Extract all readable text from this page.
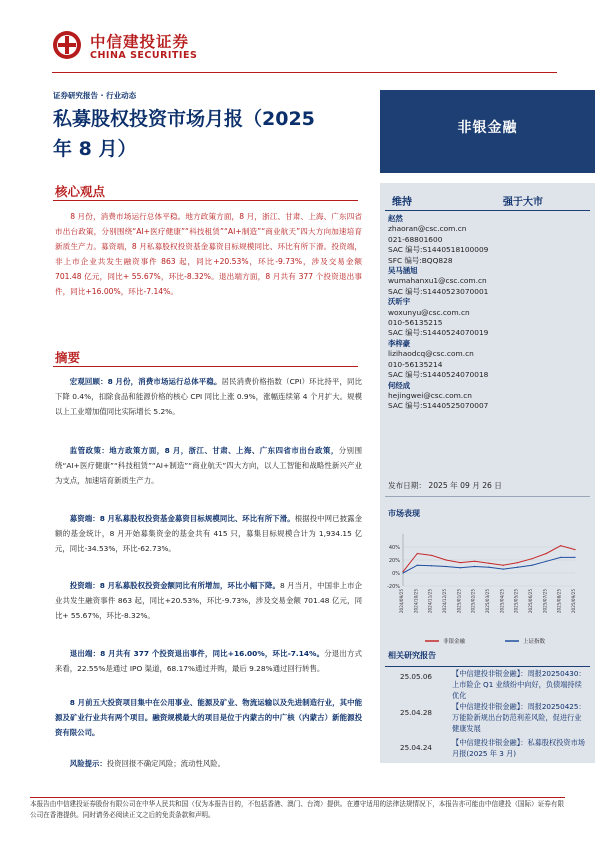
中信建投证券
CHINA SECURITIES
证券研究报告 · 行业动态
私募股权投资市场月报（2025
年 8 月）
非银金融
核心观点
8 月份，消费市场运行总体平稳。地方政策方面，8 月，浙江、甘肃、上海、广东四省市出台政策，分别围绕“AI+医疗健康”“科技租赁”“AI+制造”“商业航天”四大方向加速培育新质生产力。募资端，8 月私募股权投资基金募资目标规模同比、环比有所下滑。投资端，非上市企业共发生融资事件 863 起，同比+20.53%，环比-9.73%，涉及交易金额 701.48 亿元，同比+ 55.67%，环比-8.32%。退出端方面，8 月共有 377 个投资退出事件，同比+16.00%，环比-7.14%。
摘要
宏观回顾：8 月份，消费市场运行总体平稳。居民消费价格指数（CPI）环比持平，同比下降 0.4%，扣除食品和能源价格的核心 CPI 同比上涨 0.9%，涨幅连续第 4 个月扩大。规模以上工业增加值同比实际增长 5.2%。
监管政策：地方政策方面，8 月，浙江、甘肃、上海、广东四省市出台政策，分别围绕“AI+医疗健康”“科技租赁”“AI+制造”“商业航天”四大方向，以人工智能和战略性新兴产业为支点，加速培育新质生产力。
募资端：8 月私募股权投资基金募资目标规模同比、环比有所下滑。根据投中网已披露金额的基金统计，8 月开始募集资金的基金共有 415 只，募集目标规模合计为 1,934.15 亿元，同比-34.53%，环比-62.73%。
投资端：8 月私募股权投资金额同比有所增加，环比小幅下降。8 月当月，中国非上市企业共发生融资事件 863 起，同比+20.53%，环比-9.73%，涉及交易金额 701.48 亿元，同比+ 55.67%，环比-8.32%。
退出端：8 月共有 377 个投资退出事件，同比+16.00%，环比-7.14%。分退出方式来看，22.55%是通过 IPO 渠道，68.17%通过并购，最后 9.28%通过回行转售。
8 月前五大投资项目集中在公用事业、能源及矿业、物流运输以及先进制造行业，其中能源及矿业行业共有两个项目。融资规模最大的项目是位于内蒙古的中广核（内蒙古）新能源投资有限公司。
风险提示：投资回报不确定风险；流动性风险。
维持	强于大市
赵然
zhaoran@csc.com.cn
021-68801600
SAC 编号:S1440518100009
SFC 编号:BQQ828
吴马涵旭
wumahanxu1@csc.com.cn
SAC 编号:S1440523070001
沃昕宇
woxunyu@csc.com.cn
010-56135215
SAC 编号:S1440524070019
李梓豪
lizihaodcq@csc.com.cn
010-56135214
SAC 编号:S1440524070018
何经成
hejingwei@csc.com.cn
SAC 编号:S1440525070007
发布日期： 2025 年 09 月 26 日
市场表现
40%
20%
0%
-20%
2024/09/25 2024/10/25 2024/11/25 2024/12/25 2025/01/25 2025/02/25 2025/03/25 2025/04/25 2025/05/25 2025/06/25 2025/07/25 2025/08/25 2025/09/25
非银金融	上证指数
相关研究报告
25.05.06	【中信建投非银金融】：周报20250430：上市险企 Q1 业绩纷中向好，负债端持续优化
25.04.28
【中信建投非银金融】：周报20250425：万能险新规出台防范利差风险，促进行业健康发展
25.04.24
【中信建投非银金融】：私募股权投资市场月报(2025 年 3 月)
本报告由中信建投证券股份有限公司在中华人民共和国（仅为本报告目的，不包括香港、澳门、台湾）提供。在遵守适用的法律法规情况下，本报告亦可能由中信建投（国际）证券有限公司在香港提供。同时请务必阅读正文之后的免责条款和声明。
